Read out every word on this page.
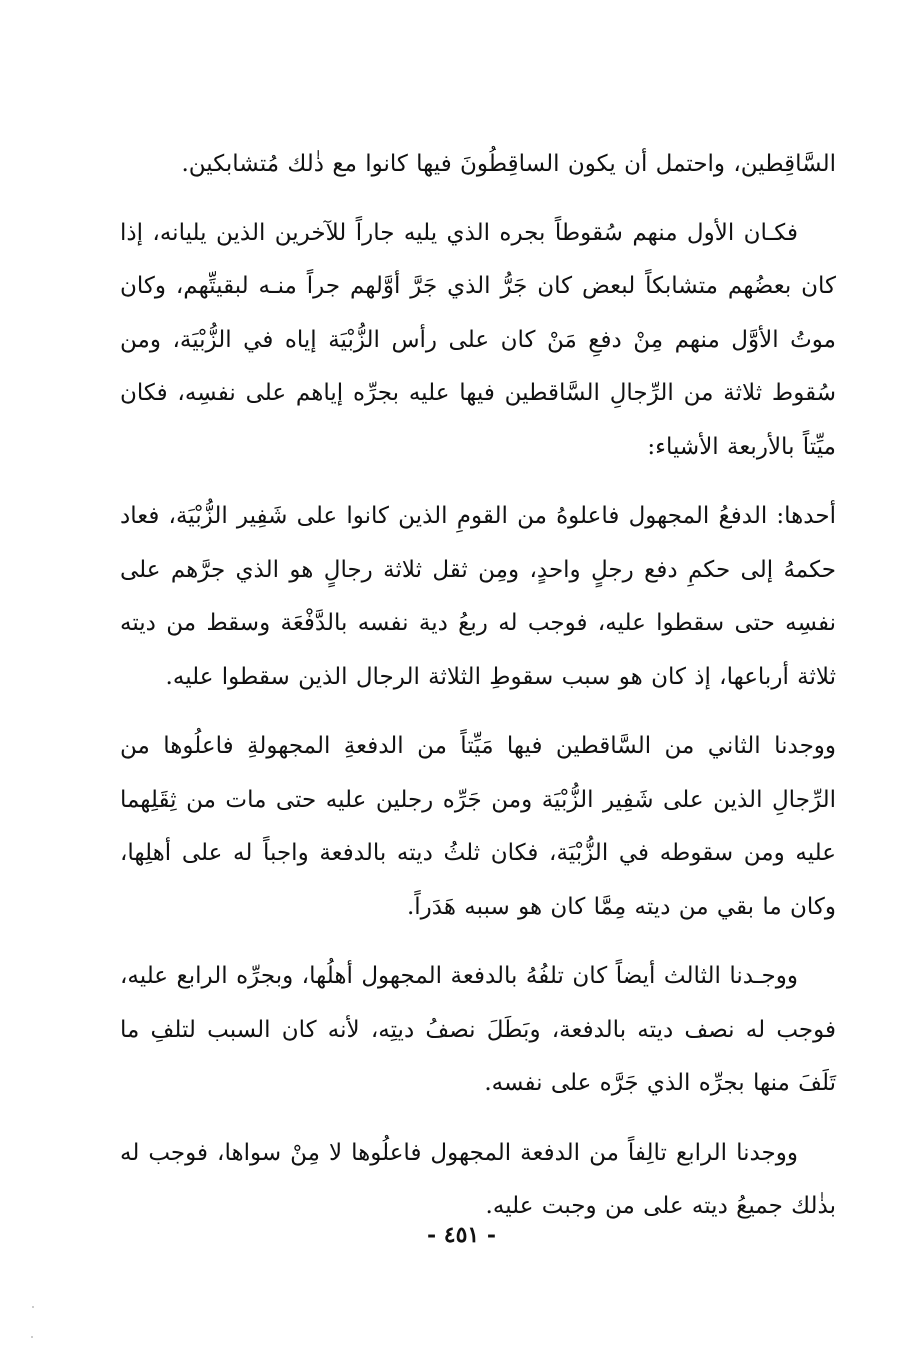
السَّاقِطين، واحتمل أن يكون الساقِطُونَ فيها كانوا مع ذٰلك مُتشابكين.

فكـان الأول منهم سُقوطاً بجره الذي يليه جاراً للآخرين الذين يليانه، إذا كان بعضُهم متشابكاً لبعض كان جَرُّ الذي جَرَّ أوَّلهم جراً منـه لبقيتِّهم، وكان موتُ الأوَّل منهم مِنْ دفعِ مَنْ كان على رأس الزُّبْيَة إياه في الزُّبْيَة، ومن سُقوط ثلاثة من الرِّجالِ السَّاقطين فيها عليه بجرِّه إياهم على نفسِه، فكان ميِّتاً بالأربعة الأشياء:

أحدها: الدفعُ المجهول فاعلوهُ من القومِ الذين كانوا على شَفِير الزُّبْيَة، فعاد حكمهُ إلى حكمِ دفع رجلٍ واحدٍ، ومِن ثقل ثلاثة رجالٍ هو الذي جرَّهم على نفسِه حتى سقطوا عليه، فوجب له ربعُ دية نفسه بالدَّفْعَة وسقط من ديته ثلاثة أرباعها، إذ كان هو سبب سقوطِ الثلاثة الرجال الذين سقطوا عليه.

ووجدنا الثاني من السَّاقطين فيها مَيِّتاً من الدفعةِ المجهولةِ فاعلُوها من الرِّجالِ الذين على شَفِير الزُّبْيَة ومن جَرِّه رجلين عليه حتى مات من ثِقَلِهما عليه ومن سقوطه في الزُّبْيَة، فكان ثلثُ ديته بالدفعة واجباً له على أهلِها، وكان ما بقي من ديته مِمَّا كان هو سببه هَدَراً.

ووجـدنا الثالث أيضاً كان تلفُهُ بالدفعة المجهول أهلُها، وبجرِّه الرابع عليه، فوجب له نصف ديته بالدفعة، وبَطَلَ نصفُ ديتِه، لأنه كان السبب لتلفِ ما تَلَفَ منها بجرِّه الذي جَرَّه على نفسه.

ووجدنا الرابع تالِفاً من الدفعة المجهول فاعلُوها لا مِنْ سواها، فوجب له بذٰلك جميعُ ديته على من وجبت عليه.

- ٤٥١ -
